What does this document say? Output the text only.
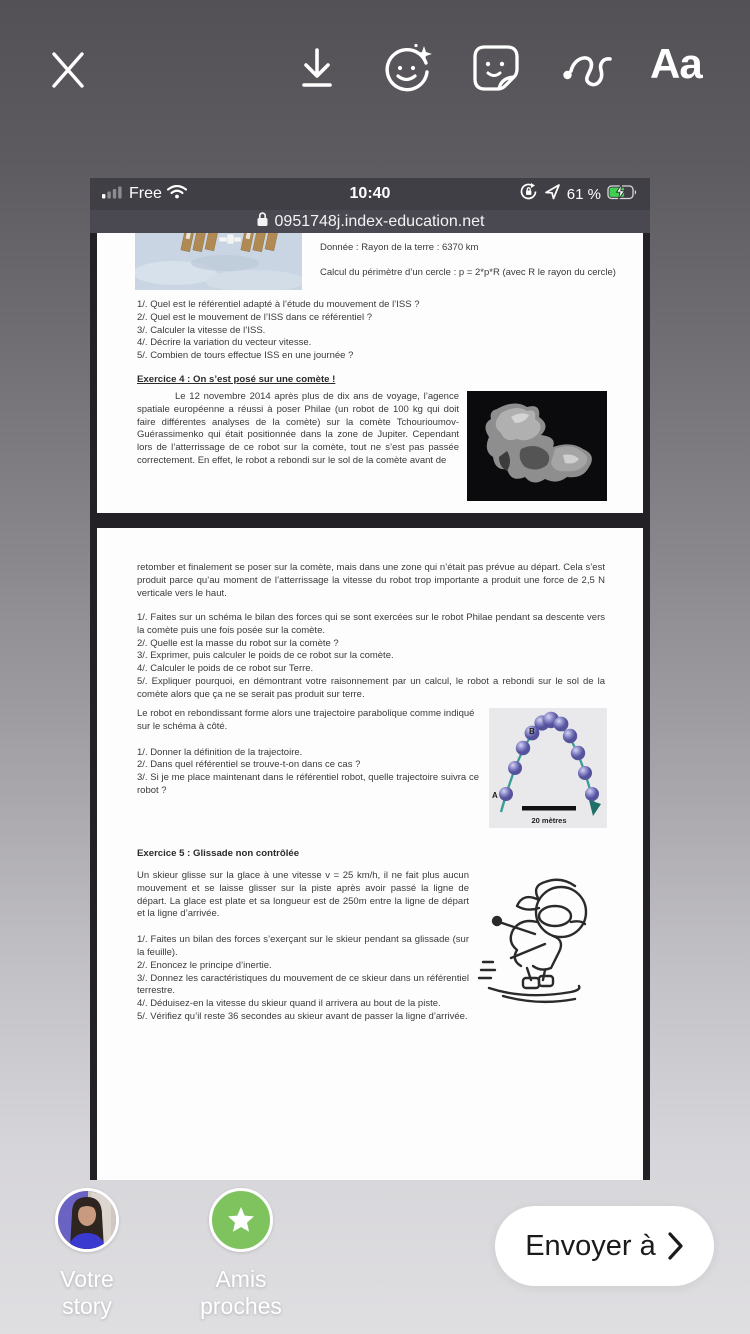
Aa
Free	10:40	61 %
0951748j.index-education.net
Donnée : Rayon de la terre : 6370 km
Calcul du périmètre d’un cercle : p = 2*p*R (avec R le rayon du cercle)
1/. Quel est le référentiel adapté à l’étude du mouvement de l’ISS ?
2/. Quel est le mouvement de l’ISS dans ce référentiel ?
3/. Calculer la vitesse de l’ISS.
4/. Décrire la variation du vecteur vitesse.
5/. Combien de tours effectue ISS en une journée ?
Exercice 4 : On s’est posé sur une comète !

Le 12 novembre 2014 après plus de dix ans de voyage, l’agence spatiale européenne a réussi à poser Philae (un robot de 100 kg qui doit faire différentes analyses de la comète) sur la comète Tchourioumov-Guérassimenko qui était positionnée dans la zone de Jupiter. Cependant lors de l’atterrissage de ce robot sur la comète, tout ne s’est pas passée correctement. En effet, le robot a rebondi sur le sol de la comète avant de

retomber et finalement se poser sur la comète, mais dans une zone qui n’était pas prévue au départ. Cela s’est produit parce qu’au moment de l’atterrissage la vitesse du robot trop importante a produit une force de 2,5 N verticale vers le haut.
1/. Faites sur un schéma le bilan des forces qui se sont exercées sur le robot Philae pendant sa descente vers la comète puis une fois posée sur la comète.
2/. Quelle est la masse du robot sur la comète ?
3/. Exprimer, puis calculer le poids de ce robot sur la comète.
4/. Calculer le poids de ce robot sur Terre.
5/. Expliquer pourquoi, en démontrant votre raisonnement par un calcul, le robot a rebondi sur le sol de la comète alors que ça ne se serait pas produit sur terre.
B
A
20 mètres

Le robot en rebondissant forme alors une trajectoire parabolique comme indiqué sur le schéma à côté.

1/. Donner la définition de la trajectoire.
2/. Dans quel référentiel se trouve-t-on dans ce cas ?
3/. Si je me place maintenant dans le référentiel robot, quelle trajectoire suivra ce robot ?
Exercice 5 : Glissade non contrôlée

Un skieur glisse sur la glace à une vitesse v = 25 km/h, il ne fait plus aucun mouvement et se laisse glisser sur la piste après avoir passé la ligne de départ. La glace est plate et sa longueur est de 250m entre la ligne de départ et la ligne d’arrivée.

1/. Faites un bilan des forces s’exerçant sur le skieur pendant sa glissade (sur la feuille).
2/. Enoncez le principe d’inertie.
3/. Donnez les caractéristiques du mouvement de ce skieur dans un référentiel terrestre.
4/. Déduisez-en la vitesse du skieur quand il arrivera au bout de la piste.
5/. Vérifiez qu’il reste 36 secondes au skieur avant de passer la ligne d’arrivée.
Votre story
Amis proches
Envoyer à
